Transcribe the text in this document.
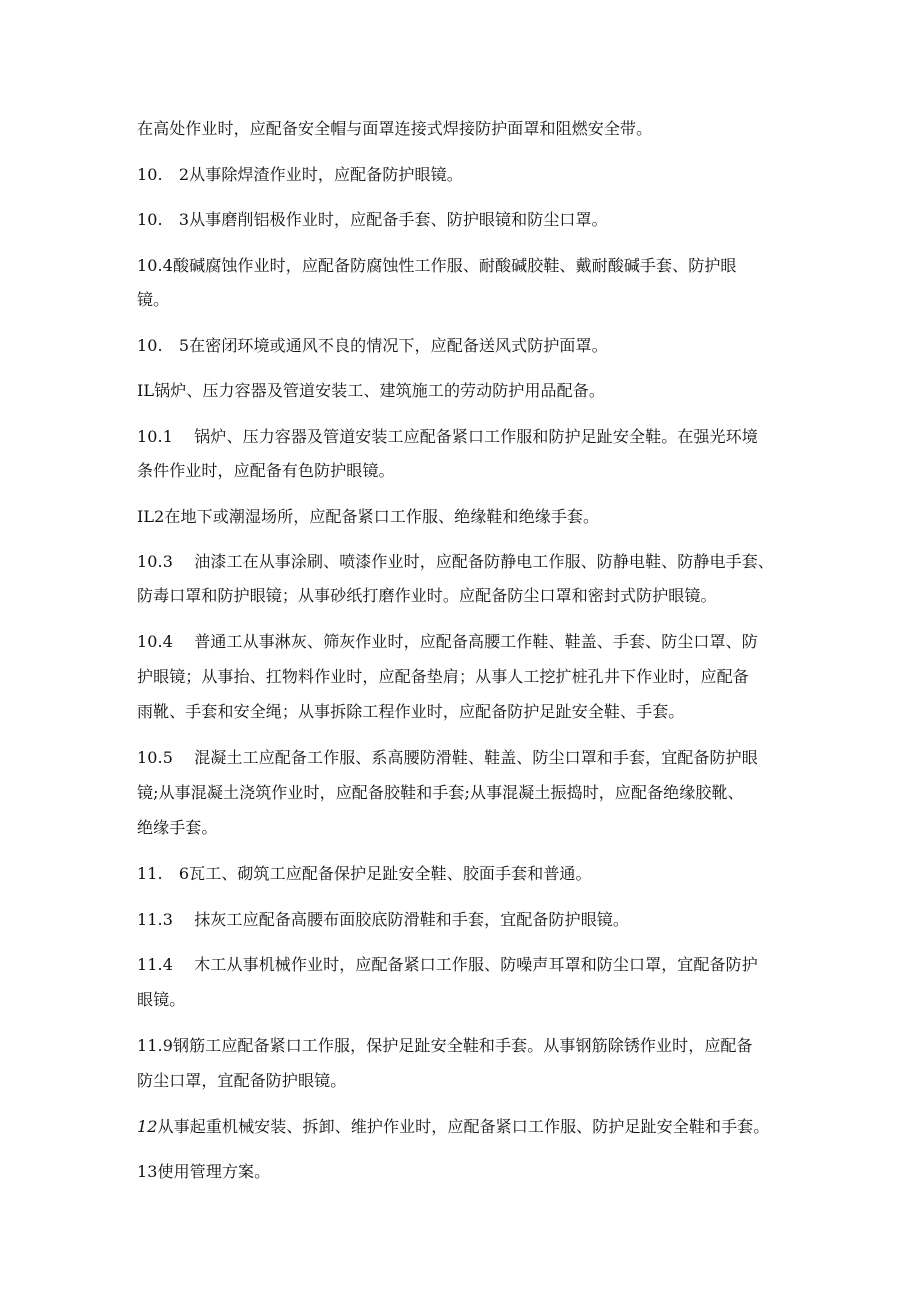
在高处作业时，应配备安全帽与面罩连接式焊接防护面罩和阻燃安全带。
10.　2从事除焊渣作业时，应配备防护眼镜。
10.　3从事磨削铝极作业时，应配备手套、防护眼镜和防尘口罩。
10.4酸碱腐蚀作业时，应配备防腐蚀性工作服、耐酸碱胶鞋、戴耐酸碱手套、防护眼
镜。
10.　5在密闭环境或通风不良的情况下，应配备送风式防护面罩。
IL锅炉、压力容器及管道安装工、建筑施工的劳动防护用品配备。
10.1　 锅炉、压力容器及管道安装工应配备紧口工作服和防护足趾安全鞋。在强光环境
条件作业时，应配备有色防护眼镜。
IL2在地下或潮湿场所，应配备紧口工作服、绝缘鞋和绝缘手套。
10.3　 油漆工在从事涂刷、喷漆作业时，应配备防静电工作服、防静电鞋、防静电手套、
防毒口罩和防护眼镜；从事砂纸打磨作业时。应配备防尘口罩和密封式防护眼镜。
10.4　 普通工从事淋灰、筛灰作业时，应配备高腰工作鞋、鞋盖、手套、防尘口罩、防
护眼镜；从事抬、扛物料作业时，应配备垫肩；从事人工挖扩桩孔井下作业时，应配备
雨靴、手套和安全绳；从事拆除工程作业时，应配备防护足趾安全鞋、手套。
10.5　 混凝土工应配备工作服、系高腰防滑鞋、鞋盖、防尘口罩和手套，宜配备防护眼
镜;从事混凝土浇筑作业时，应配备胶鞋和手套;从事混凝土振捣时，应配备绝缘胶靴、
绝缘手套。
11.　6瓦工、砌筑工应配备保护足趾安全鞋、胶面手套和普通。
11.3　 抹灰工应配备高腰布面胶底防滑鞋和手套，宜配备防护眼镜。
11.4　 木工从事机械作业时，应配备紧口工作服、防噪声耳罩和防尘口罩，宜配备防护
眼镜。
11.9钢筋工应配备紧口工作服，保护足趾安全鞋和手套。从事钢筋除锈作业时，应配备
防尘口罩，宜配备防护眼镜。
12从事起重机械安装、拆卸、维护作业时，应配备紧口工作服、防护足趾安全鞋和手套。
13使用管理方案。
